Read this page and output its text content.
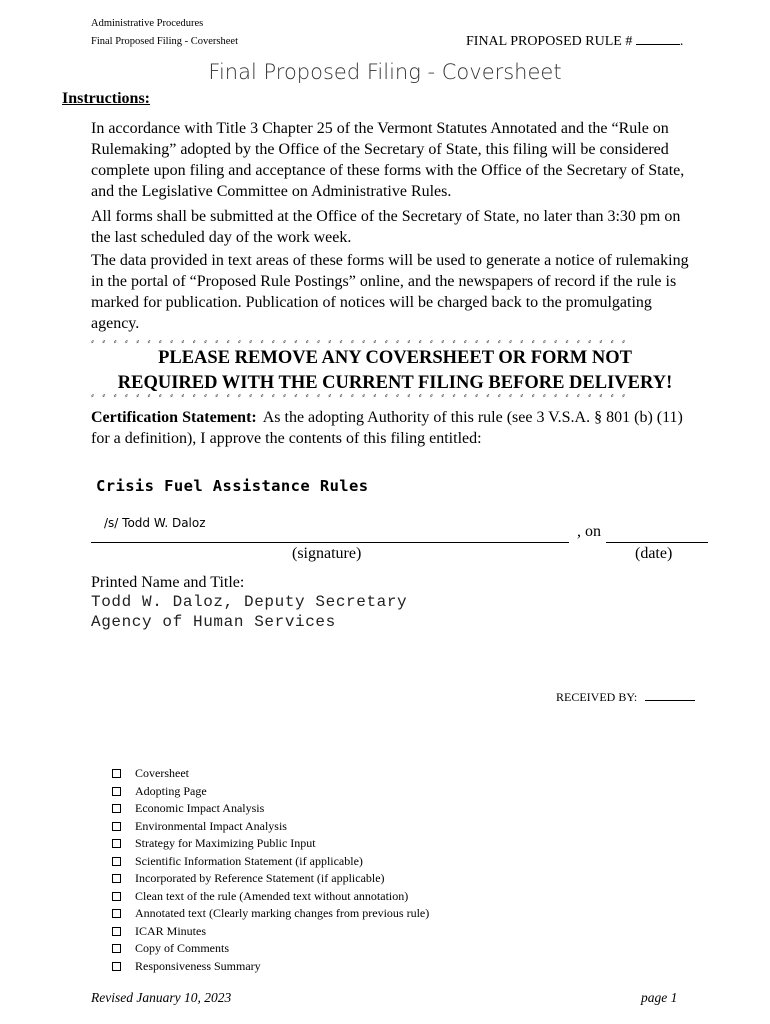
Administrative Procedures
Final Proposed Filing - Coversheet	FINAL PROPOSED RULE #	.
Final Proposed Filing - Coversheet
Instructions:
In accordance with Title 3 Chapter 25 of the Vermont Statutes Annotated and the “Rule on Rulemaking” adopted by the Office of the Secretary of State, this filing will be considered complete upon filing and acceptance of these forms with the Office of the Secretary of State, and the Legislative Committee on Administrative Rules.
All forms shall be submitted at the Office of the Secretary of State, no later than 3:30 pm on the last scheduled day of the work week.
The data provided in text areas of these forms will be used to generate a notice of rulemaking in the portal of “Proposed Rule Postings” online, and the newspapers of record if the rule is marked for publication. Publication of notices will be charged back to the promulgating agency.
⸗⸗⸗⸗⸗⸗⸗⸗⸗⸗⸗⸗⸗⸗⸗⸗⸗⸗⸗⸗⸗⸗⸗⸗⸗⸗⸗⸗⸗⸗⸗⸗⸗⸗⸗⸗⸗⸗⸗⸗⸗⸗⸗⸗⸗⸗⸗⸗
PLEASE REMOVE ANY COVERSHEET OR FORM NOT
REQUIRED WITH THE CURRENT FILING BEFORE DELIVERY!
⸗⸗⸗⸗⸗⸗⸗⸗⸗⸗⸗⸗⸗⸗⸗⸗⸗⸗⸗⸗⸗⸗⸗⸗⸗⸗⸗⸗⸗⸗⸗⸗⸗⸗⸗⸗⸗⸗⸗⸗⸗⸗⸗⸗⸗⸗⸗⸗
Certification Statement: As the adopting Authority of this rule (see 3 V.S.A. § 801 (b) (11) for a definition), I approve the contents of this filing entitled:
Crisis Fuel Assistance Rules
/s/ Todd W. Daloz	, on
(signature)	(date)
Printed Name and Title:
Todd W. Daloz, Deputy Secretary
Agency of Human Services
RECEIVED BY:
Coversheet
Adopting Page
Economic Impact Analysis
Environmental Impact Analysis
Strategy for Maximizing Public Input
Scientific Information Statement (if applicable)
Incorporated by Reference Statement (if applicable)
Clean text of the rule (Amended text without annotation)
Annotated text (Clearly marking changes from previous rule)
ICAR Minutes
Copy of Comments
Responsiveness Summary
Revised January 10, 2023	page 1
